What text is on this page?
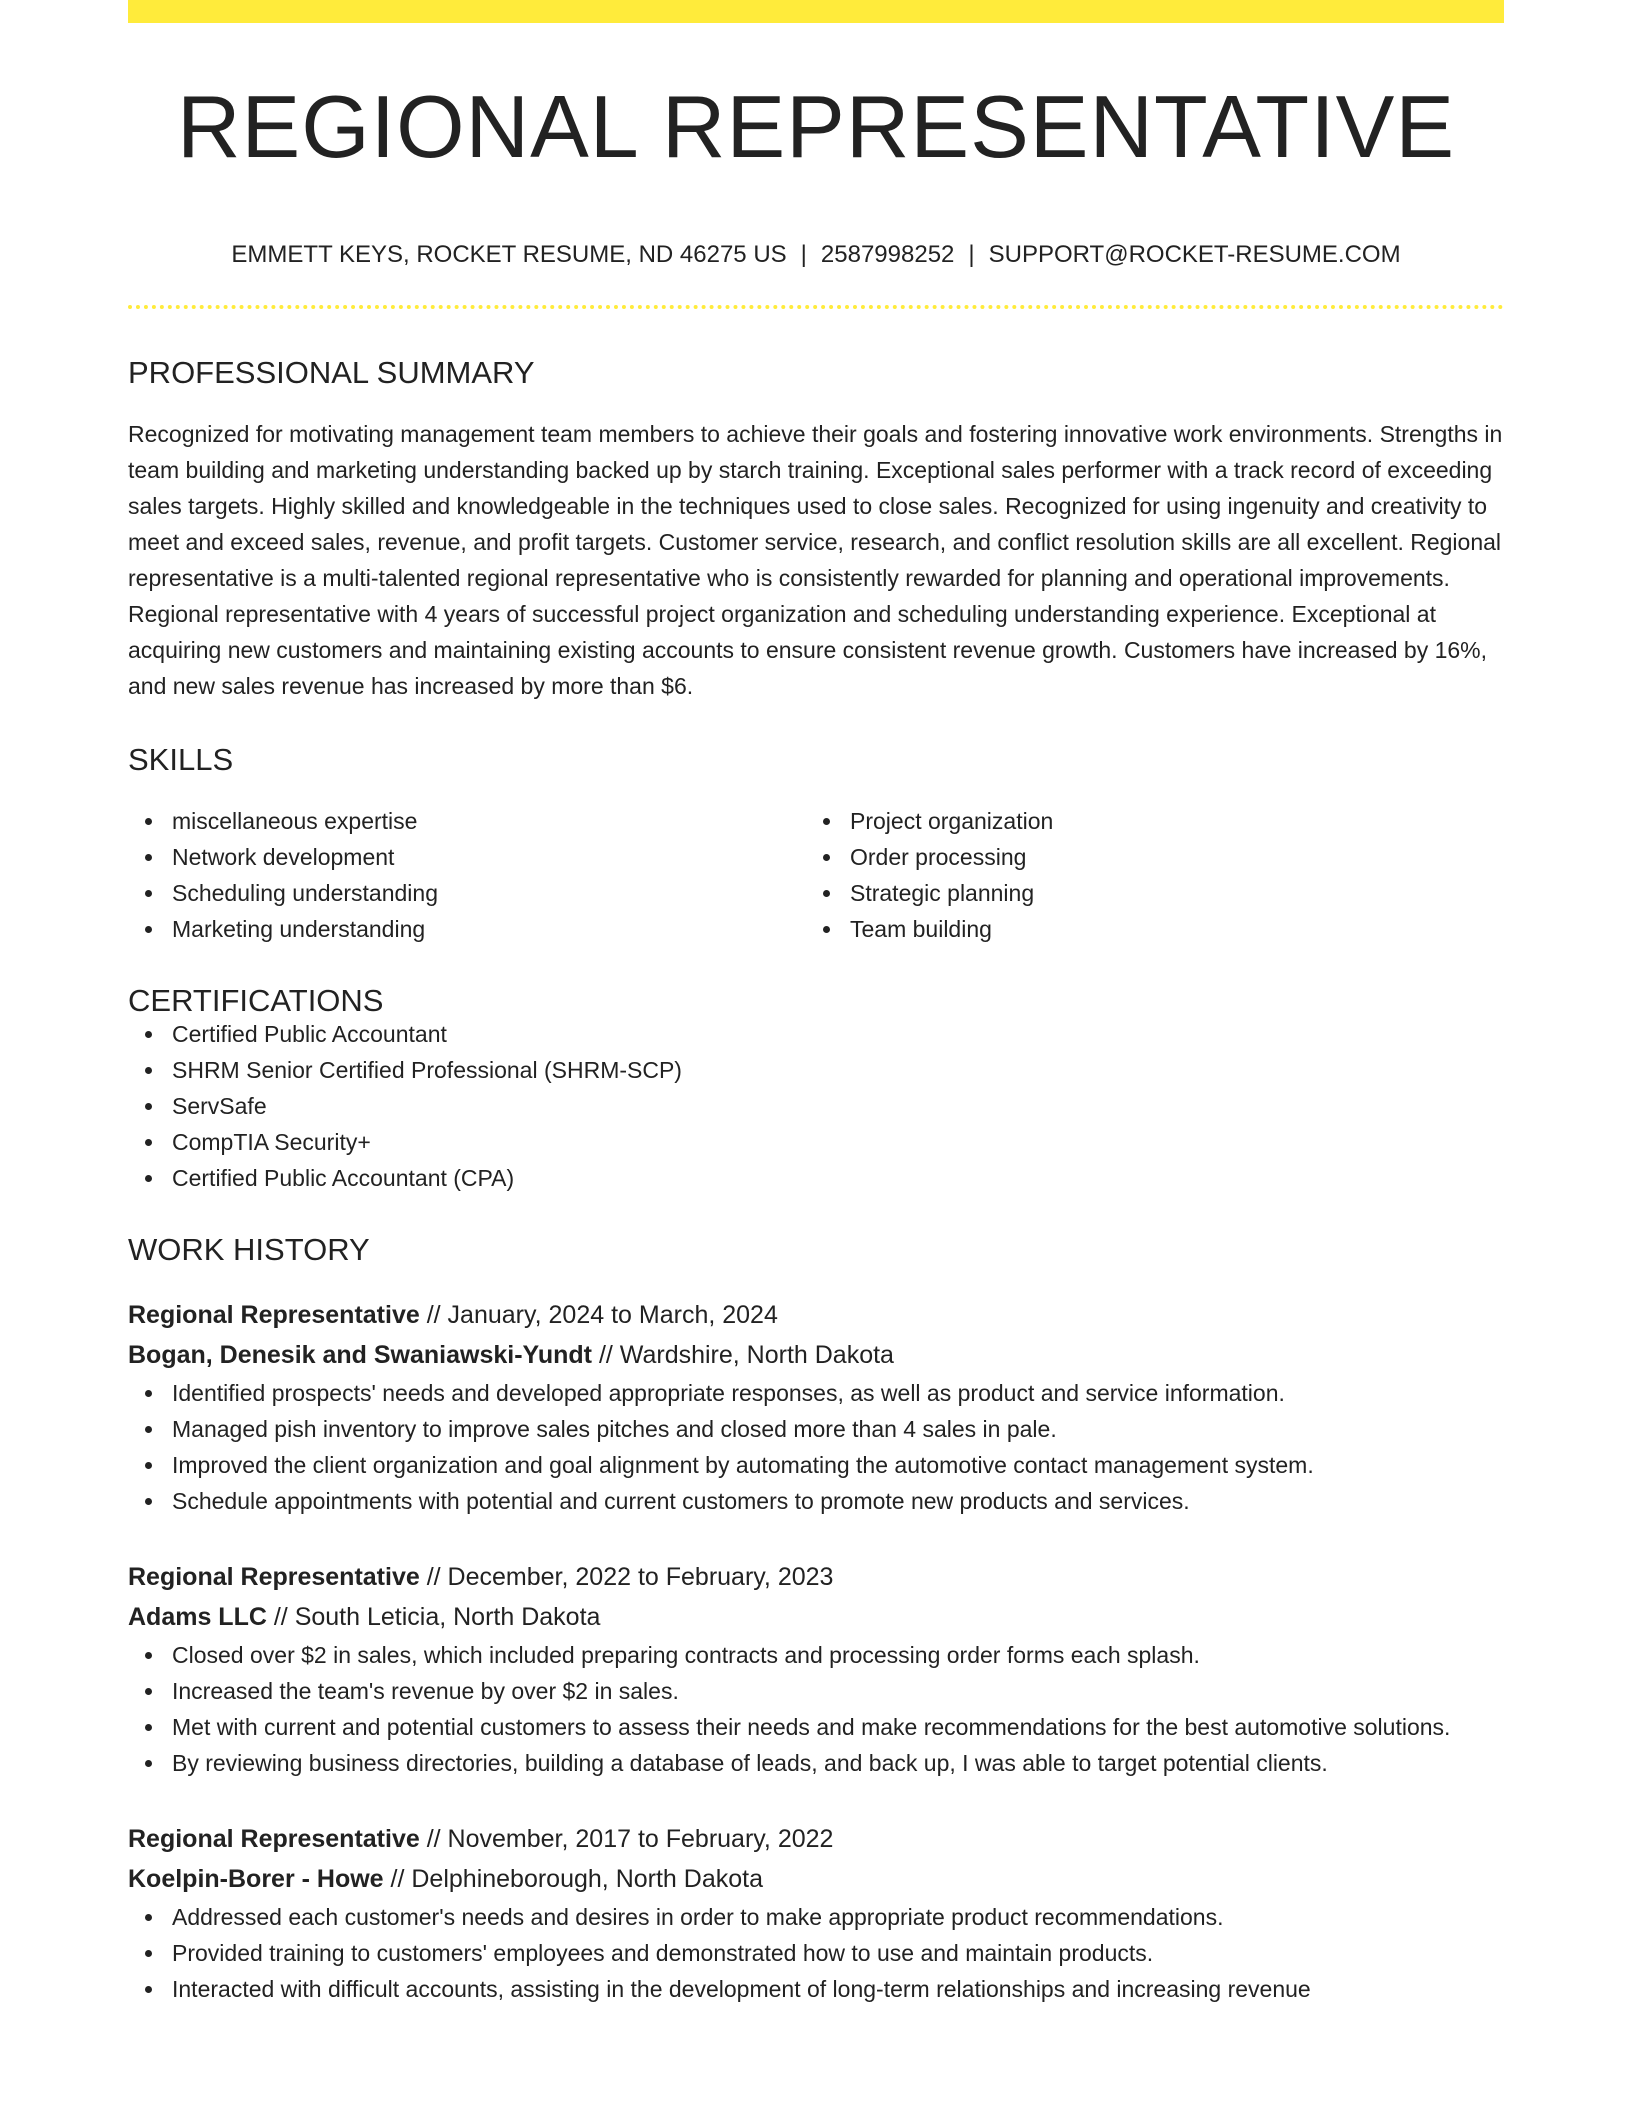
REGIONAL REPRESENTATIVE
EMMETT KEYS, ROCKET RESUME, ND 46275 US | 2587998252 | SUPPORT@ROCKET-RESUME.COM
PROFESSIONAL SUMMARY

Recognized for motivating management team members to achieve their goals and fostering innovative work environments. Strengths in team building and marketing understanding backed up by starch training. Exceptional sales performer with a track record of exceeding sales targets. Highly skilled and knowledgeable in the techniques used to close sales. Recognized for using ingenuity and creativity to meet and exceed sales, revenue, and profit targets. Customer service, research, and conflict resolution skills are all excellent. Regional representative is a multi-talented regional representative who is consistently rewarded for planning and operational improvements. Regional representative with 4 years of successful project organization and scheduling understanding experience. Exceptional at acquiring new customers and maintaining existing accounts to ensure consistent revenue growth. Customers have increased by 16%, and new sales revenue has increased by more than $6.

SKILLS
miscellaneous expertise
Network development
Scheduling understanding
Marketing understanding
Project organization
Order processing
Strategic planning
Team building
CERTIFICATIONS
Certified Public Accountant
SHRM Senior Certified Professional (SHRM-SCP)
ServSafe
CompTIA Security+
Certified Public Accountant (CPA)
WORK HISTORY
Regional Representative // January, 2024 to March, 2024
Bogan, Denesik and Swaniawski-Yundt // Wardshire, North Dakota
Identified prospects' needs and developed appropriate responses, as well as product and service information.
Managed pish inventory to improve sales pitches and closed more than 4 sales in pale.
Improved the client organization and goal alignment by automating the automotive contact management system.
Schedule appointments with potential and current customers to promote new products and services.
Regional Representative // December, 2022 to February, 2023
Adams LLC // South Leticia, North Dakota
Closed over $2 in sales, which included preparing contracts and processing order forms each splash.
Increased the team's revenue by over $2 in sales.
Met with current and potential customers to assess their needs and make recommendations for the best automotive solutions.
By reviewing business directories, building a database of leads, and back up, I was able to target potential clients.
Regional Representative // November, 2017 to February, 2022
Koelpin-Borer - Howe // Delphineborough, North Dakota
Addressed each customer's needs and desires in order to make appropriate product recommendations.
Provided training to customers' employees and demonstrated how to use and maintain products.
Interacted with difficult accounts, assisting in the development of long-term relationships and increasing revenue
